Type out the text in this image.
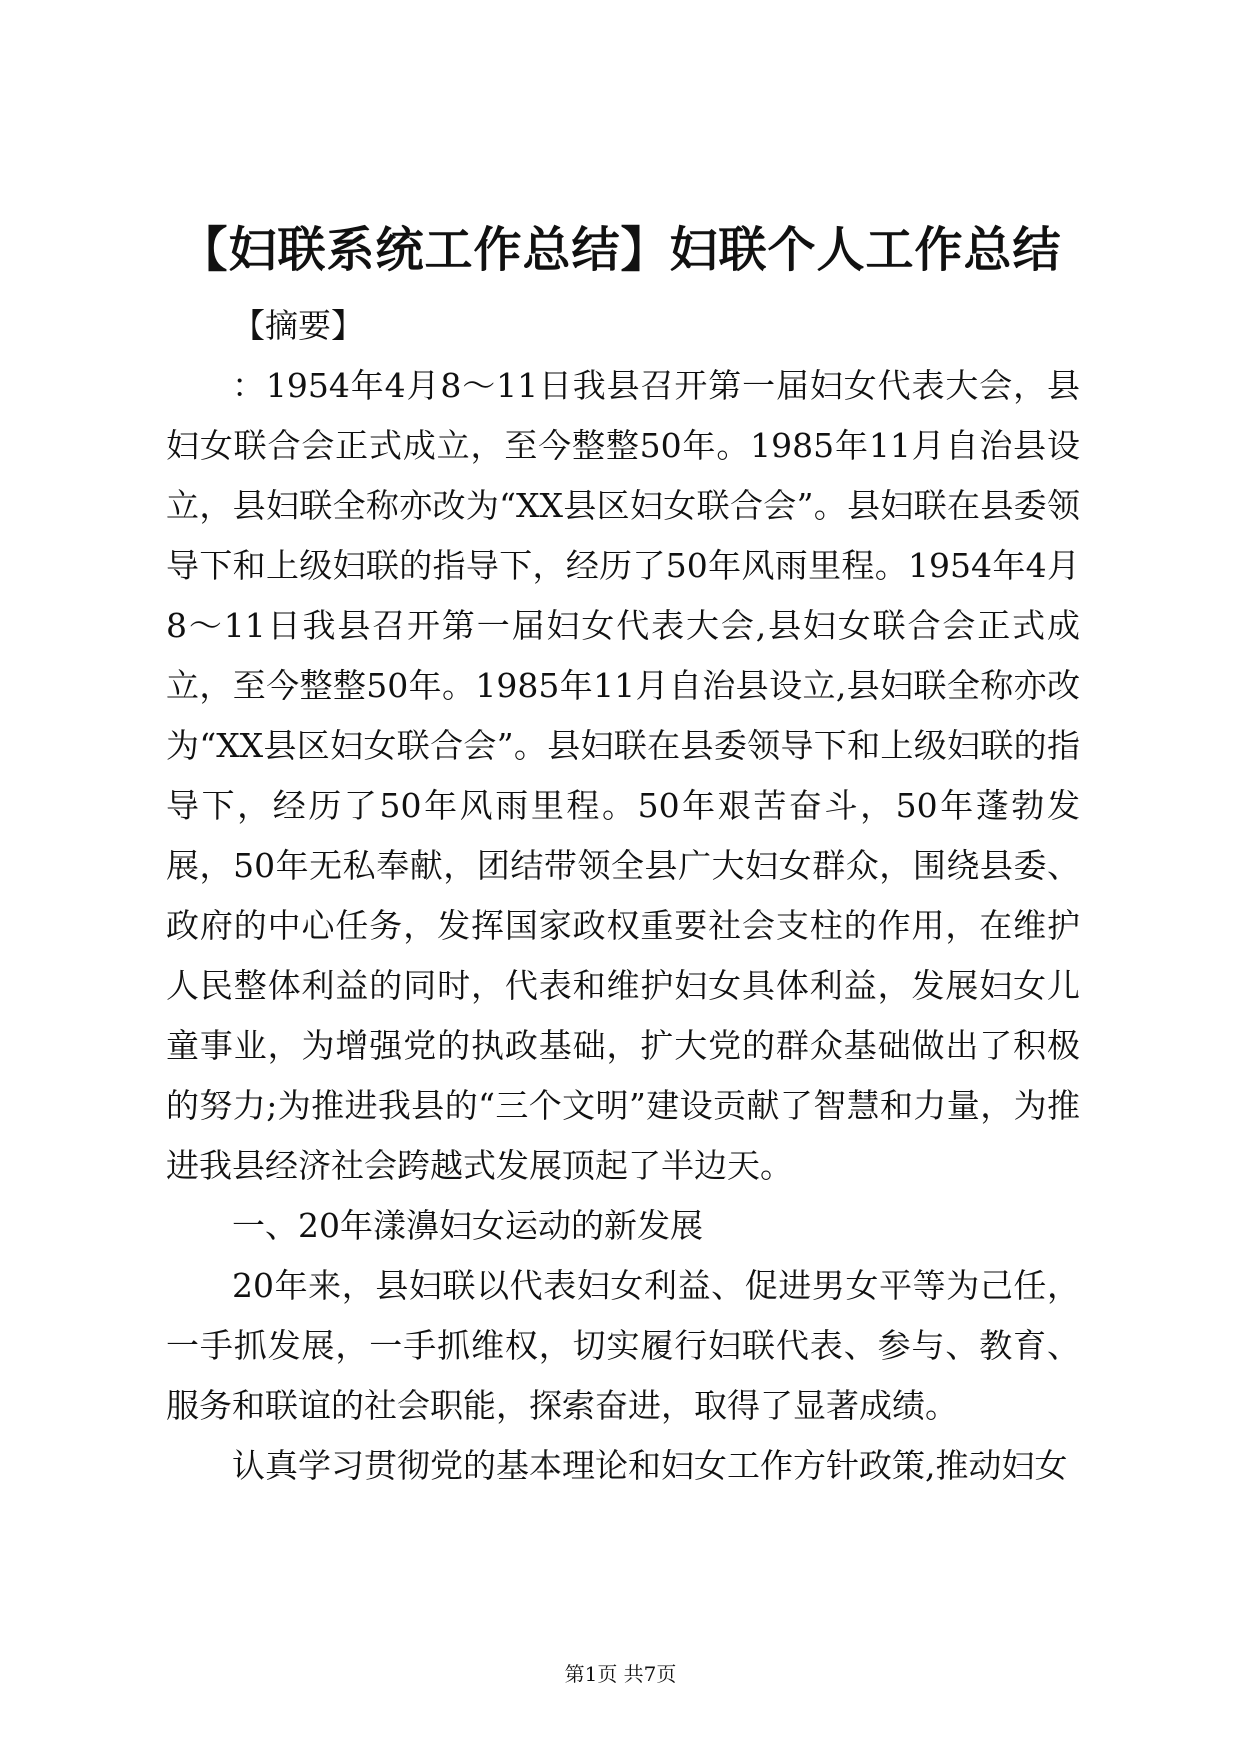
【妇联系统工作总结】妇联个人工作总结

【摘要】

：1954年4月8～11日我县召开第一届妇女代表大会，县妇女联合会正式成立，至今整整50年。1985年11月自治县设立，县妇联全称亦改为“XX县区妇女联合会”。县妇联在县委领导下和上级妇联的指导下，经历了50年风雨里程。1954年4月8～11日我县召开第一届妇女代表大会,县妇女联合会正式成立，至今整整50年。1985年11月自治县设立,县妇联全称亦改为“XX县区妇女联合会”。县妇联在县委领导下和上级妇联的指导下，经历了50年风雨里程。50年艰苦奋斗，50年蓬勃发展，50年无私奉献，团结带领全县广大妇女群众，围绕县委、政府的中心任务，发挥国家政权重要社会支柱的作用，在维护人民整体利益的同时，代表和维护妇女具体利益，发展妇女儿童事业，为增强党的执政基础，扩大党的群众基础做出了积极的努力;为推进我县的“三个文明”建设贡献了智慧和力量，为推进我县经济社会跨越式发展顶起了半边天。

一、20年漾濞妇女运动的新发展

20年来，县妇联以代表妇女利益、促进男女平等为己任，一手抓发展，一手抓维权，切实履行妇联代表、参与、教育、服务和联谊的社会职能，探索奋进，取得了显著成绩。

认真学习贯彻党的基本理论和妇女工作方针政策,推动妇女

第1页 共7页
